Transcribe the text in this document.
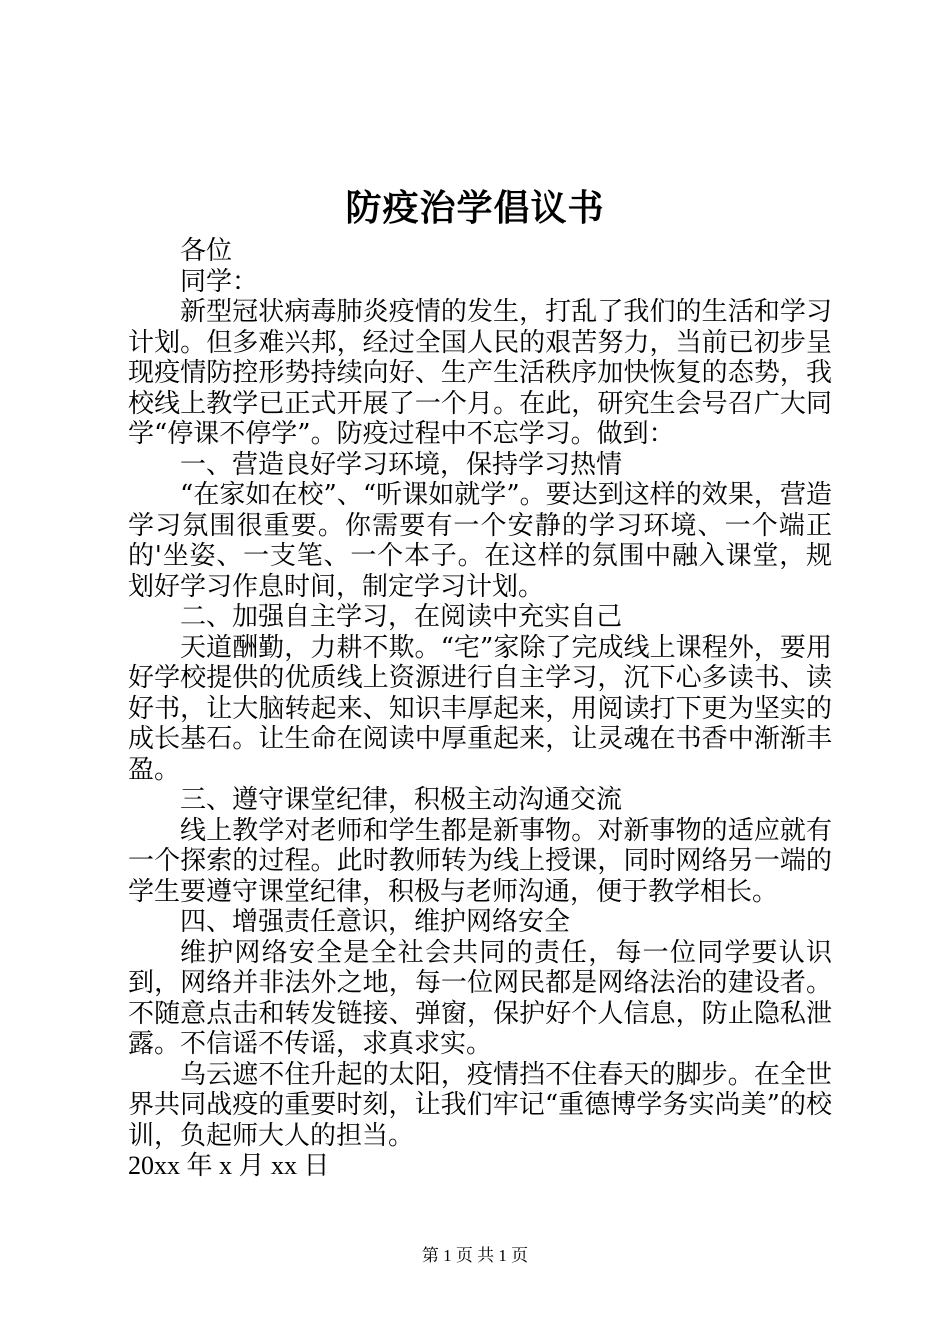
防疫治学倡议书

各位

同学：

新型冠状病毒肺炎疫情的发生，打乱了我们的生活和学习计划。但多难兴邦，经过全国人民的艰苦努力，当前已初步呈现疫情防控形势持续向好、生产生活秩序加快恢复的态势，我校线上教学已正式开展了一个月。在此，研究生会号召广大同学“停课不停学”。防疫过程中不忘学习。做到：

一、营造良好学习环境，保持学习热情

“在家如在校”、“听课如就学”。要达到这样的效果，营造学习氛围很重要。你需要有一个安静的学习环境、一个端正的'坐姿、一支笔、一个本子。在这样的氛围中融入课堂，规划好学习作息时间，制定学习计划。

二、加强自主学习，在阅读中充实自己

天道酬勤，力耕不欺。“宅”家除了完成线上课程外，要用好学校提供的优质线上资源进行自主学习，沉下心多读书、读好书，让大脑转起来、知识丰厚起来，用阅读打下更为坚实的成长基石。让生命在阅读中厚重起来，让灵魂在书香中渐渐丰盈。

三、遵守课堂纪律，积极主动沟通交流

线上教学对老师和学生都是新事物。对新事物的适应就有一个探索的过程。此时教师转为线上授课，同时网络另一端的学生要遵守课堂纪律，积极与老师沟通，便于教学相长。

四、增强责任意识，维护网络安全

维护网络安全是全社会共同的责任，每一位同学要认识到，网络并非法外之地，每一位网民都是网络法治的建设者。不随意点击和转发链接、弹窗，保护好个人信息，防止隐私泄露。不信谣不传谣，求真求实。

乌云遮不住升起的太阳，疫情挡不住春天的脚步。在全世界共同战疫的重要时刻，让我们牢记“重德博学务实尚美”的校训，负起师大人的担当。

20xx 年 x 月 xx 日

第 1 页 共 1 页
